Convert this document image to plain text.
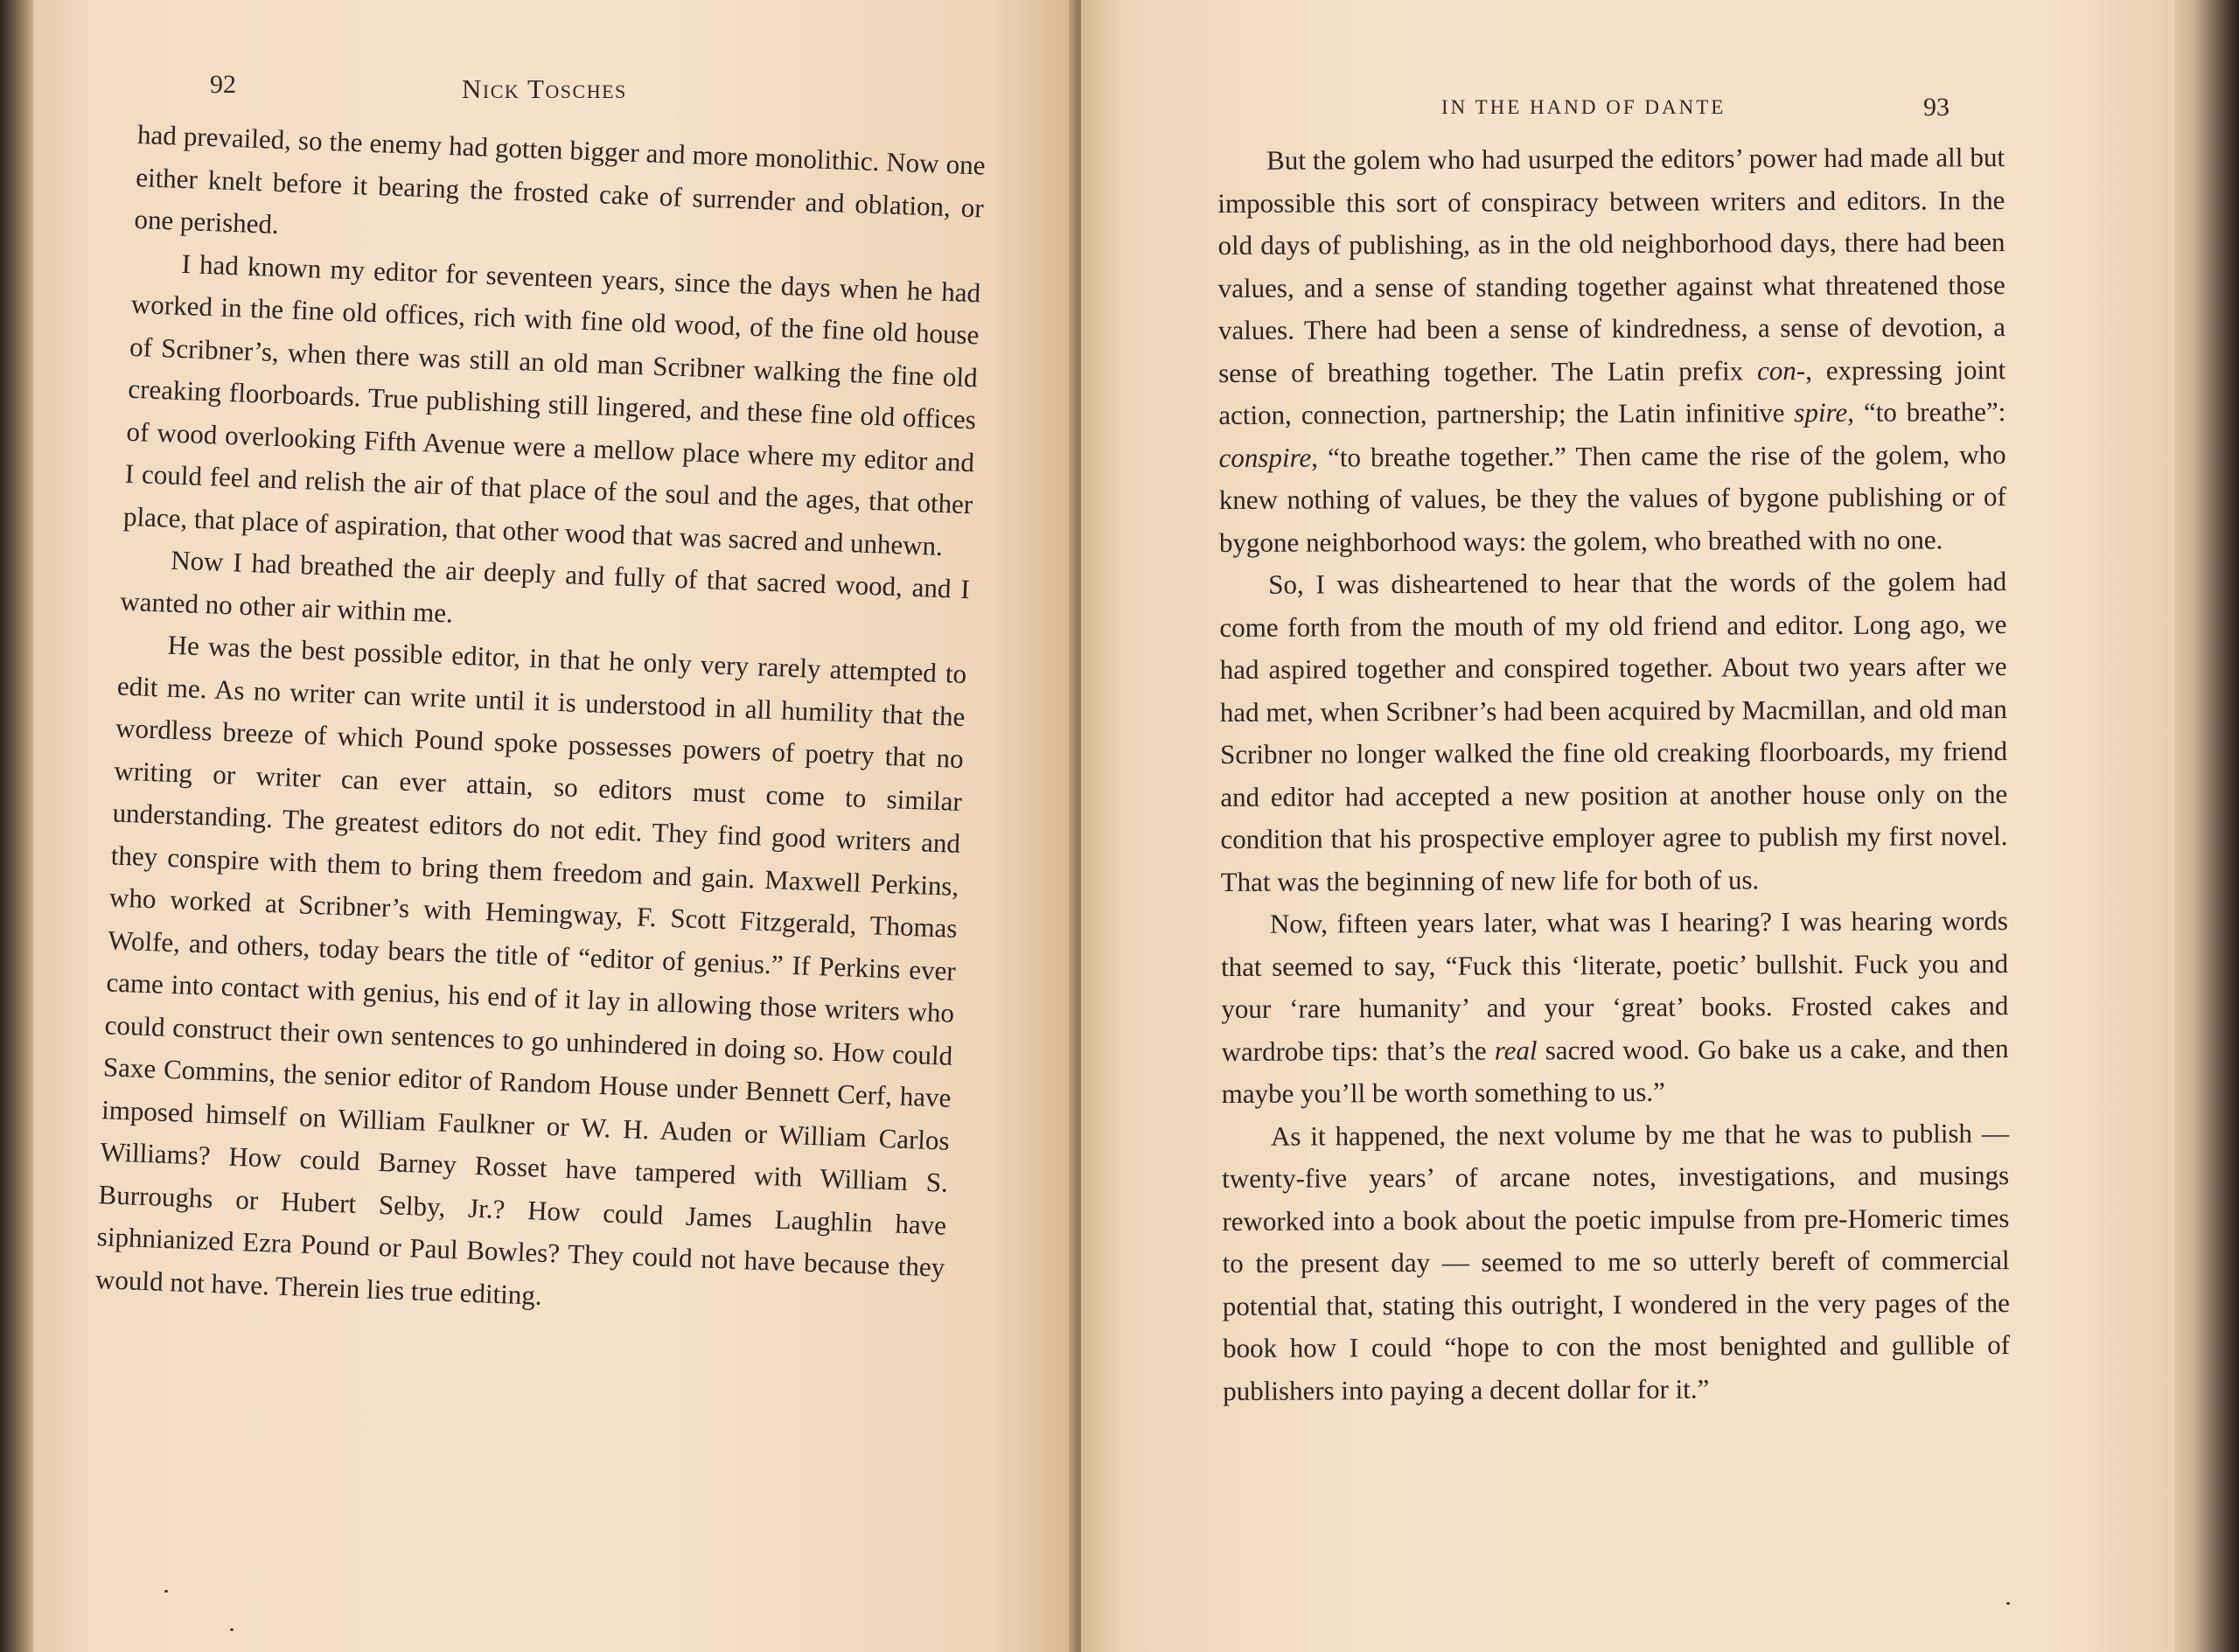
92	Nick Tosches

had prevailed, so the enemy had gotten bigger and more monolithic. Now one either knelt before it bearing the frosted cake of surrender and oblation, or one perished.

I had known my editor for seventeen years, since the days when he had worked in the fine old offices, rich with fine old wood, of the fine old house of Scribner’s, when there was still an old man Scribner walking the fine old creaking floorboards. True publishing still lingered, and these fine old offices of wood overlooking Fifth Avenue were a mellow place where my editor and I could feel and relish the air of that place of the soul and the ages, that other place, that place of aspiration, that other wood that was sacred and unhewn.

Now I had breathed the air deeply and fully of that sacred wood, and I wanted no other air within me.

He was the best possible editor, in that he only very rarely attempted to edit me. As no writer can write until it is understood in all humility that the wordless breeze of which Pound spoke possesses powers of poetry that no writing or writer can ever attain, so editors must come to similar understanding. The greatest editors do not edit. They find good writers and they conspire with them to bring them freedom and gain. Maxwell Perkins, who worked at Scribner’s with Hemingway, F. Scott Fitzgerald, Thomas Wolfe, and others, today bears the title of “editor of genius.” If Perkins ever came into contact with genius, his end of it lay in allowing those writers who could construct their own sentences to go unhindered in doing so. How could Saxe Commins, the senior editor of Random House under Bennett Cerf, have imposed himself on William Faulkner or W. H. Auden or William Carlos Williams? How could Barney Rosset have tampered with William S. Burroughs or Hubert Selby, Jr.? How could James Laughlin have siphnianized Ezra Pound or Paul Bowles? They could not have because they would not have. Therein lies true editing.

IN THE HAND OF DANTE	93

But the golem who had usurped the editors’ power had made all but impossible this sort of conspiracy between writers and editors. In the old days of publishing, as in the old neighborhood days, there had been values, and a sense of standing together against what threatened those values. There had been a sense of kindredness, a sense of devotion, a sense of breathing together. The Latin prefix con-, expressing joint action, connection, partnership; the Latin infinitive spire, “to breathe”: conspire, “to breathe together.” Then came the rise of the golem, who knew nothing of values, be they the values of bygone publishing or of bygone neighborhood ways: the golem, who breathed with no one.

So, I was disheartened to hear that the words of the golem had come forth from the mouth of my old friend and editor. Long ago, we had aspired together and conspired together. About two years after we had met, when Scribner’s had been acquired by Macmillan, and old man Scribner no longer walked the fine old creaking floorboards, my friend and editor had accepted a new position at another house only on the condition that his prospective employer agree to publish my first novel. That was the beginning of new life for both of us.

Now, fifteen years later, what was I hearing? I was hearing words that seemed to say, “Fuck this ‘literate, poetic’ bullshit. Fuck you and your ‘rare humanity’ and your ‘great’ books. Frosted cakes and wardrobe tips: that’s the real sacred wood. Go bake us a cake, and then maybe you’ll be worth something to us.”

As it happened, the next volume by me that he was to publish — twenty-five years’ of arcane notes, investigations, and musings reworked into a book about the poetic impulse from pre-Homeric times to the present day — seemed to me so utterly bereft of commercial potential that, stating this outright, I wondered in the very pages of the book how I could “hope to con the most benighted and gullible of publishers into paying a decent dollar for it.”
